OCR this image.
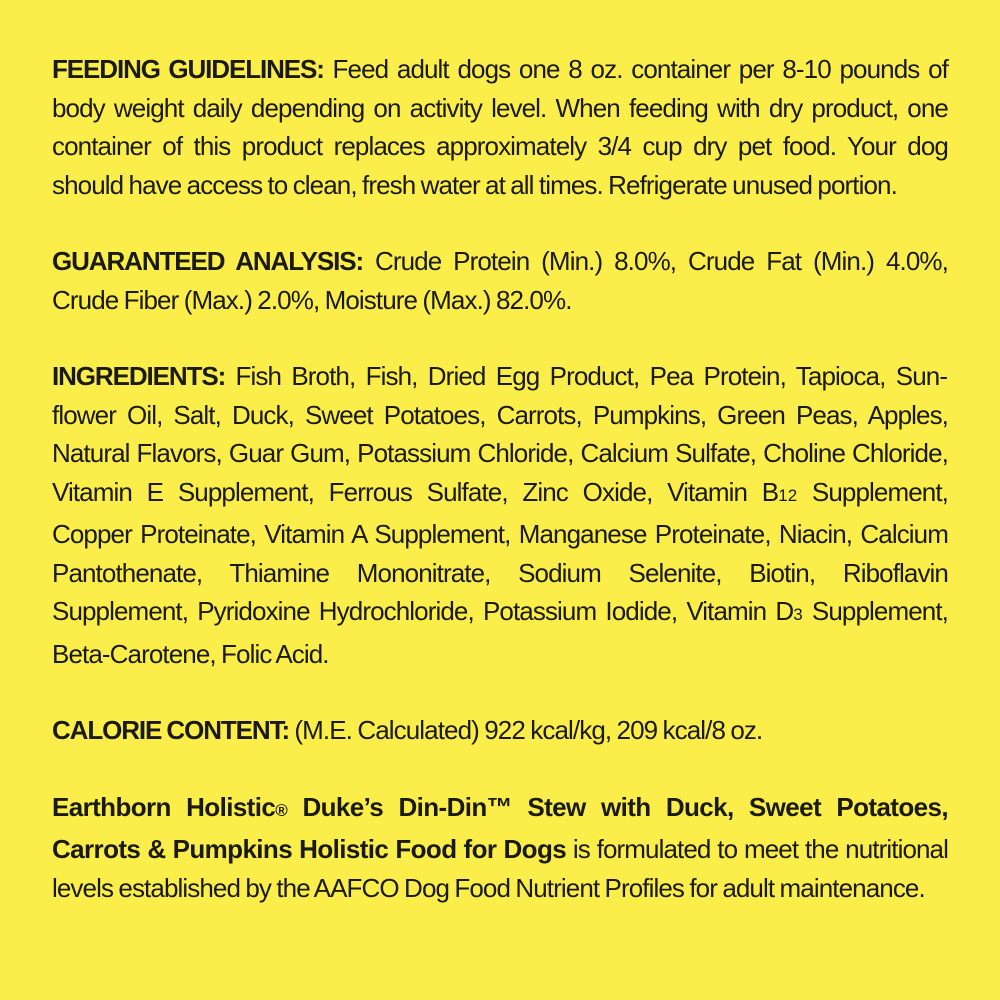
FEEDING GUIDELINES: Feed adult dogs one 8 oz. container per 8-10 pounds of body weight daily depending on activity level. When feeding with dry product, one container of this product replaces approximately 3/4 cup dry pet food. Your dog should have access to clean, fresh water at all times. Refrigerate unused portion.

GUARANTEED ANALYSIS: Crude Protein (Min.) 8.0%, Crude Fat (Min.) 4.0%, Crude Fiber (Max.) 2.0%, Moisture (Max.) 82.0%.

INGREDIENTS: Fish Broth, Fish, Dried Egg Product, Pea Protein, Tapioca, Sunflower Oil, Salt, Duck, Sweet Potatoes, Carrots, Pumpkins, Green Peas, Apples, Natural Flavors, Guar Gum, Potassium Chloride, Calcium Sulfate, Choline Chloride, Vitamin E Supplement, Ferrous Sulfate, Zinc Oxide, Vitamin B12 Supplement, Copper Proteinate, Vitamin A Supplement, Manganese Proteinate, Niacin, Calcium Pantothenate, Thiamine Mononitrate, Sodium Selenite, Biotin, Riboflavin Supplement, Pyridoxine Hydrochloride, Potassium Iodide, Vitamin D3 Supplement, Beta-Carotene, Folic Acid.

CALORIE CONTENT: (M.E. Calculated) 922 kcal/kg, 209 kcal/8 oz.

Earthborn Holistic® Duke’s Din-Din™ Stew with Duck, Sweet Potatoes, Carrots & Pumpkins Holistic Food for Dogs is formulated to meet the nutritional levels established by the AAFCO Dog Food Nutrient Profiles for adult maintenance.
